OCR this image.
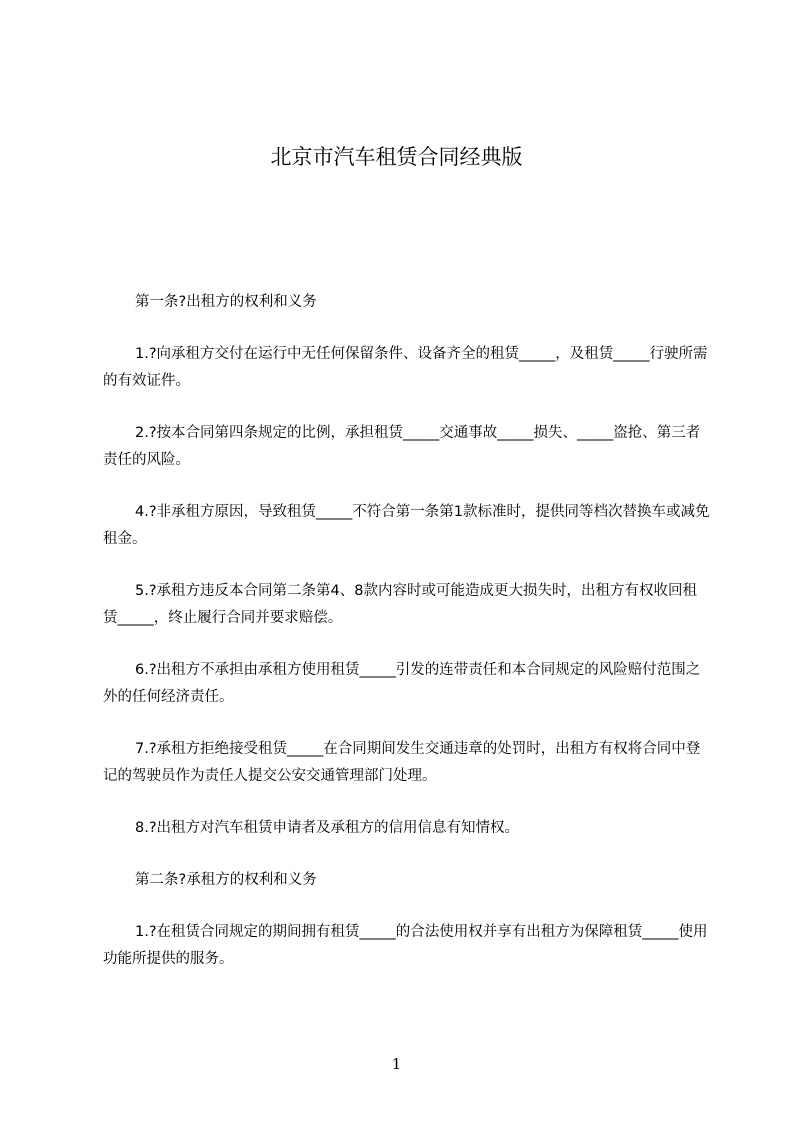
北京市汽车租赁合同经典版

第一条?出租方的权利和义务

1.?向承租方交付在运行中无任何保留条件、设备齐全的租赁_____，及租赁_____行驶所需的有效证件。

2.?按本合同第四条规定的比例，承担租赁_____交通事故_____损失、_____盗抢、第三者责任的风险。

4.?非承租方原因，导致租赁_____不符合第一条第1款标准时，提供同等档次替换车或减免租金。

5.?承租方违反本合同第二条第4、8款内容时或可能造成更大损失时，出租方有权收回租赁_____，终止履行合同并要求赔偿。

6.?出租方不承担由承租方使用租赁_____引发的连带责任和本合同规定的风险赔付范围之外的任何经济责任。

7.?承租方拒绝接受租赁_____在合同期间发生交通违章的处罚时，出租方有权将合同中登记的驾驶员作为责任人提交公安交通管理部门处理。

8.?出租方对汽车租赁申请者及承租方的信用信息有知情权。

第二条?承租方的权利和义务

1.?在租赁合同规定的期间拥有租赁_____的合法使用权并享有出租方为保障租赁_____使用功能所提供的服务。

1
